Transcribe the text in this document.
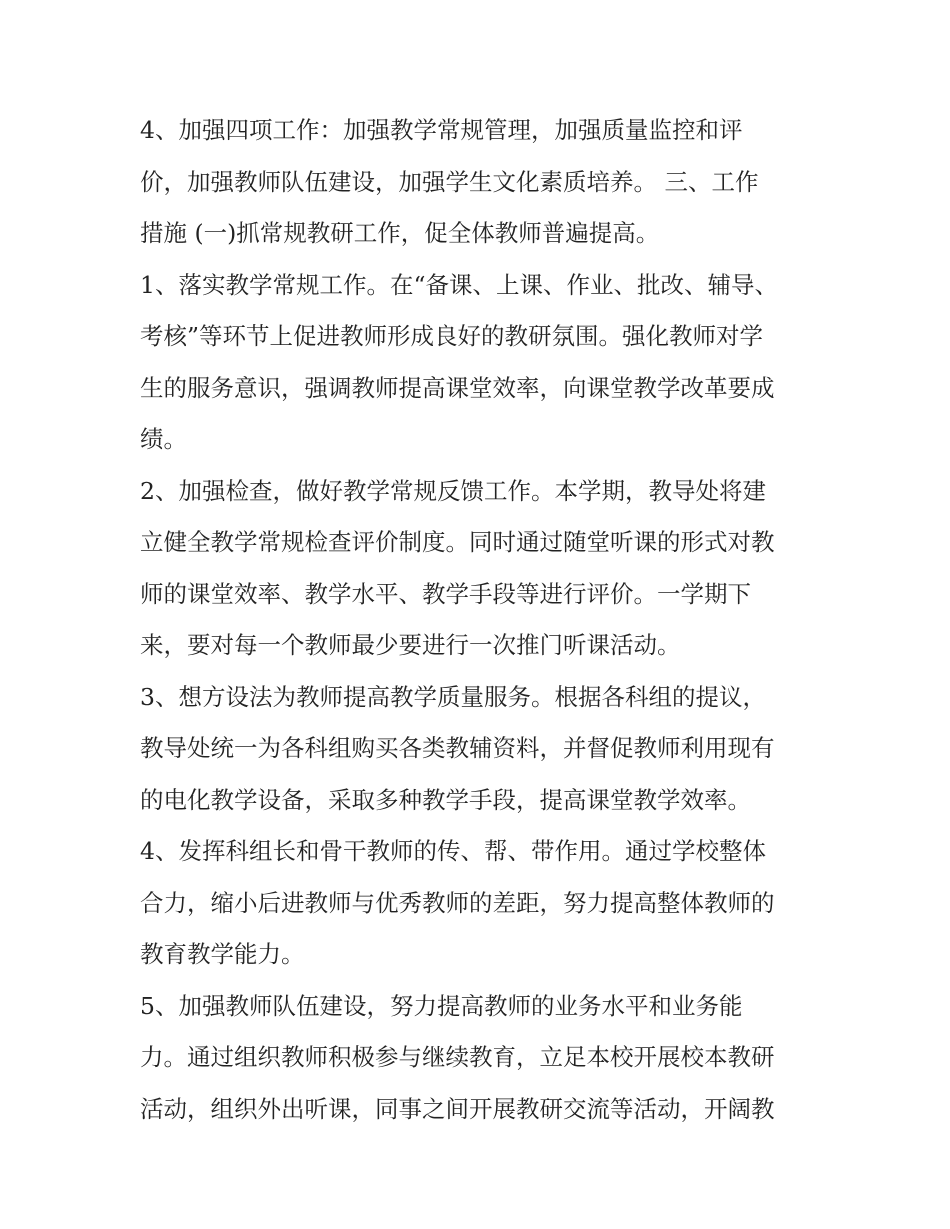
4、加强四项工作：加强教学常规管理，加强质量监控和评
价，加强教师队伍建设，加强学生文化素质培养。 三、工作
措施 (一)抓常规教研工作，促全体教师普遍提高。
1、落实教学常规工作。在“备课、上课、作业、批改、辅导、
考核”等环节上促进教师形成良好的教研氛围。强化教师对学
生的服务意识，强调教师提高课堂效率，向课堂教学改革要成
绩。
2、加强检查，做好教学常规反馈工作。本学期，教导处将建
立健全教学常规检查评价制度。同时通过随堂听课的形式对教
师的课堂效率、教学水平、教学手段等进行评价。一学期下
来，要对每一个教师最少要进行一次推门听课活动。
3、想方设法为教师提高教学质量服务。根据各科组的提议，
教导处统一为各科组购买各类教辅资料，并督促教师利用现有
的电化教学设备，采取多种教学手段，提高课堂教学效率。
4、发挥科组长和骨干教师的传、帮、带作用。通过学校整体
合力，缩小后进教师与优秀教师的差距，努力提高整体教师的
教育教学能力。
5、加强教师队伍建设，努力提高教师的业务水平和业务能
力。通过组织教师积极参与继续教育，立足本校开展校本教研
活动，组织外出听课，同事之间开展教研交流等活动，开阔教
